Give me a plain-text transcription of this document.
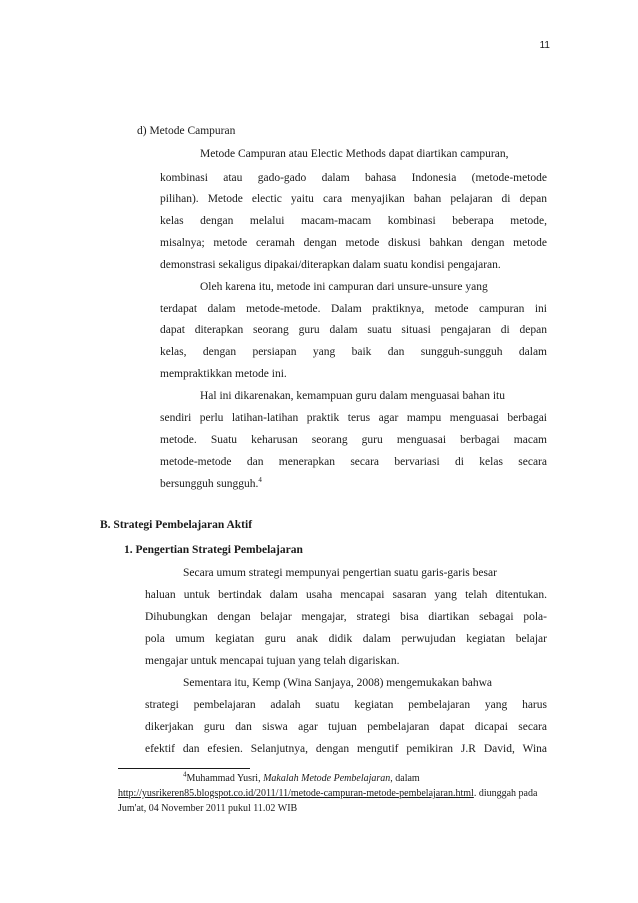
11
d) Metode Campuran
Metode Campuran atau Electic Methods dapat diartikan campuran,
kombinasi atau gado-gado dalam bahasa Indonesia (metode-metode
pilihan). Metode electic yaitu cara menyajikan bahan pelajaran di depan
kelas dengan melalui macam-macam kombinasi beberapa metode,
misalnya; metode ceramah dengan metode diskusi bahkan dengan metode
demonstrasi sekaligus dipakai/diterapkan dalam suatu kondisi pengajaran.
Oleh karena itu, metode ini campuran dari unsure-unsure yang
terdapat dalam metode-metode. Dalam praktiknya, metode campuran ini
dapat diterapkan seorang guru dalam suatu situasi pengajaran di depan
kelas, dengan persiapan yang baik dan sungguh-sungguh dalam
mempraktikkan metode ini.
Hal ini dikarenakan, kemampuan guru dalam menguasai bahan itu
sendiri perlu latihan-latihan praktik terus agar mampu menguasai berbagai
metode. Suatu keharusan seorang guru menguasai berbagai macam
metode-metode dan menerapkan secara bervariasi di kelas secara
bersungguh sungguh.$^4$
B. Strategi Pembelajaran Aktif
1. Pengertian Strategi Pembelajaran
Secara umum strategi mempunyai pengertian suatu garis-garis besar
haluan untuk bertindak dalam usaha mencapai sasaran yang telah ditentukan.
Dihubungkan dengan belajar mengajar, strategi bisa diartikan sebagai pola-
pola umum kegiatan guru anak didik dalam perwujudan kegiatan belajar
mengajar untuk mencapai tujuan yang telah digariskan.
Sementara itu, Kemp (Wina Sanjaya, 2008) mengemukakan bahwa
strategi pembelajaran adalah suatu kegiatan pembelajaran yang harus
dikerjakan guru dan siswa agar tujuan pembelajaran dapat dicapai secara
efektif dan efesien. Selanjutnya, dengan mengutif pemikiran J.R David, Wina
$^4$Muhammad Yusri, Makalah Metode Pembelajaran, dalam
http://yusrikeren85.blogspot.co.id/2011/11/metode-campuran-metode-pembelajaran.html. diunggah pada
Jum'at, 04 November 2011 pukul 11.02 WIB
